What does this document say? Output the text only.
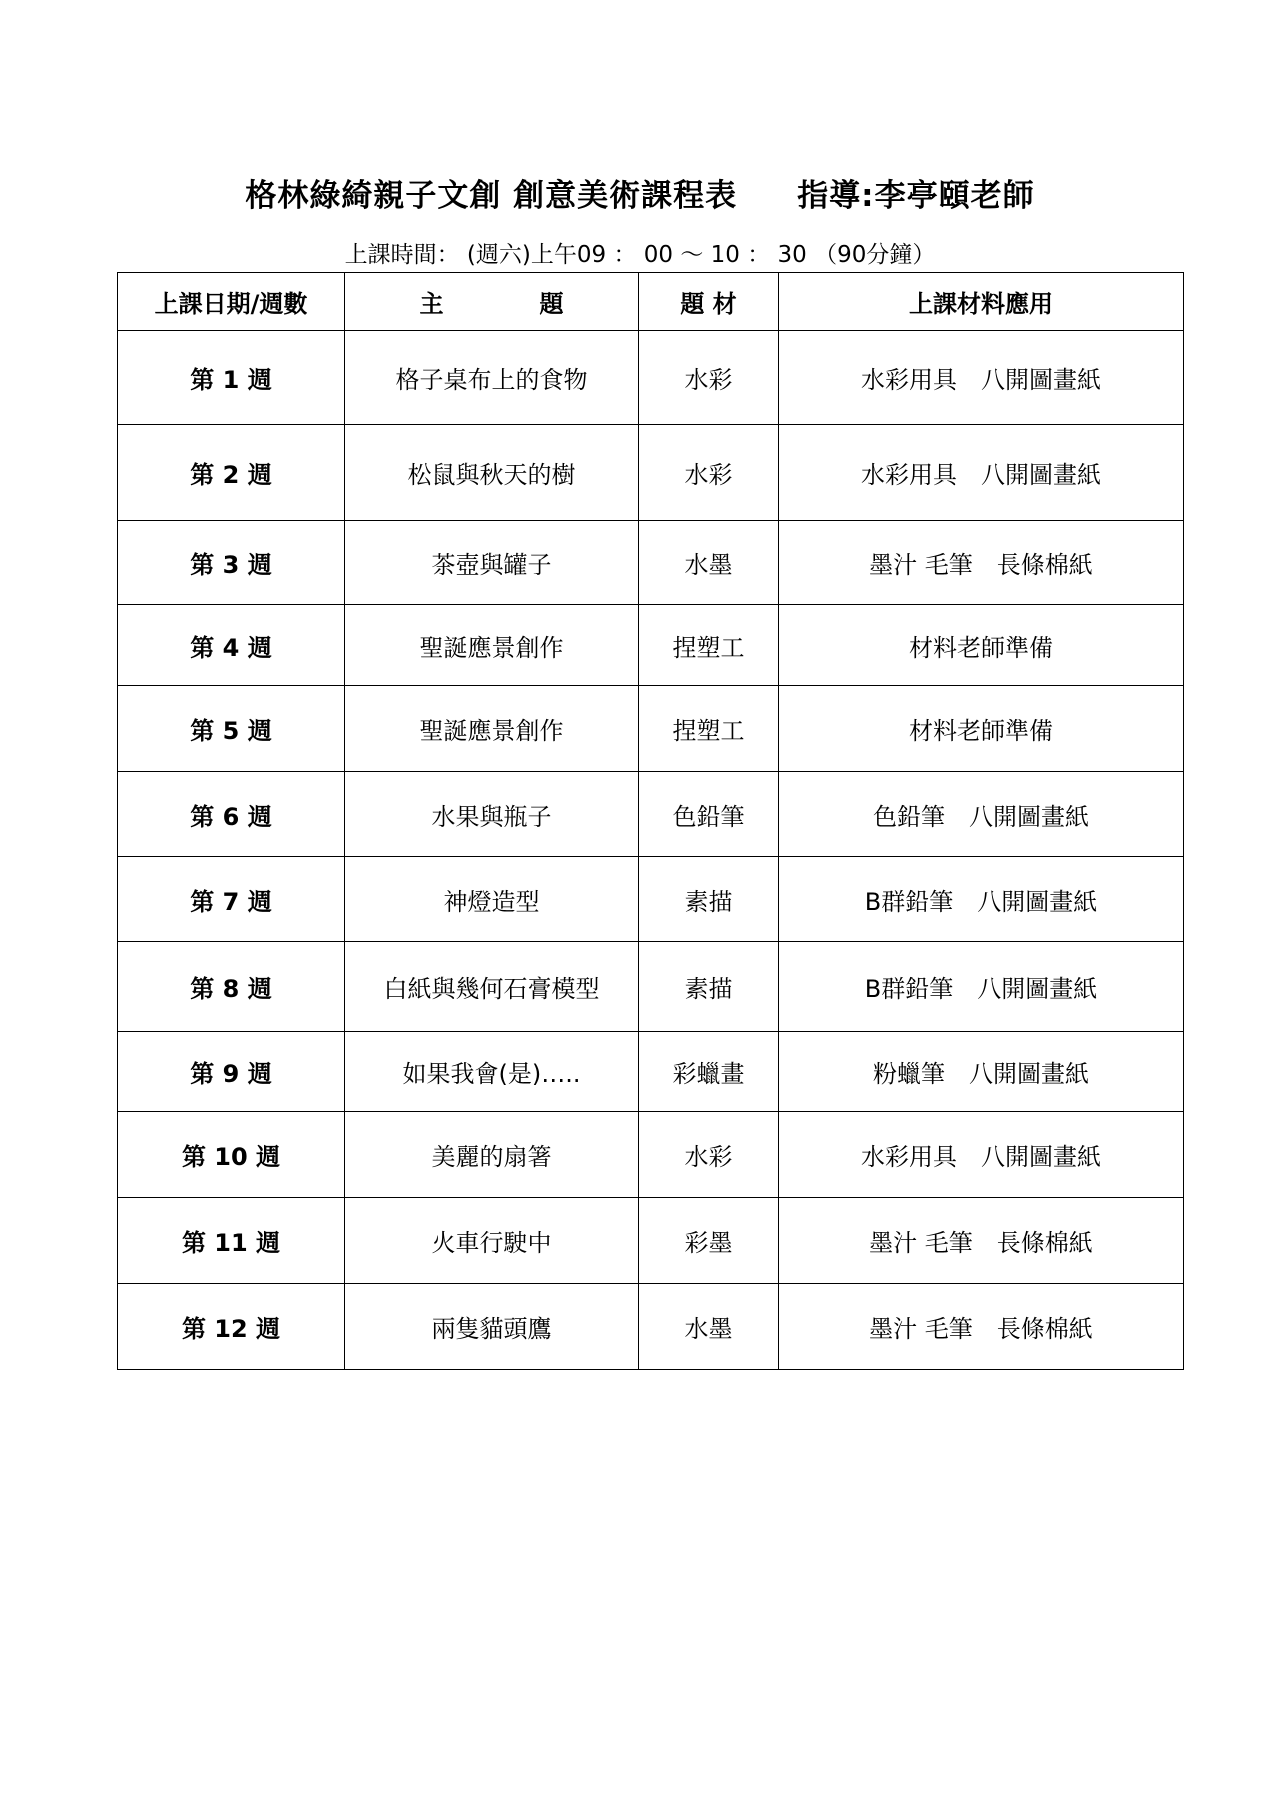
格林綠綺親子文創 創意美術課程表 指導:李亭頤老師
上課時間： (週六)上午09 ： 00 ～ 10 ： 30 （90分鐘）
上課日期/週數	主　　　　題	題 材	上課材料應用
第 1 週	格子桌布上的食物	水彩	水彩用具　八開圖畫紙
第 2 週	松鼠與秋天的樹	水彩	水彩用具　八開圖畫紙
第 3 週	茶壺與罐子	水墨	墨汁 毛筆　長條棉紙
第 4 週	聖誕應景創作	捏塑工	材料老師準備
第 5 週	聖誕應景創作	捏塑工	材料老師準備
第 6 週	水果與瓶子	色鉛筆	色鉛筆　八開圖畫紙
第 7 週	神燈造型	素描	B群鉛筆　八開圖畫紙
第 8 週	白紙與幾何石膏模型	素描	B群鉛筆　八開圖畫紙
第 9 週	如果我會(是)…..	彩蠟畫	粉蠟筆　八開圖畫紙
第 10 週	美麗的扇箸	水彩	水彩用具　八開圖畫紙
第 11 週	火車行駛中	彩墨	墨汁 毛筆　長條棉紙
第 12 週	兩隻貓頭鷹	水墨	墨汁 毛筆　長條棉紙
